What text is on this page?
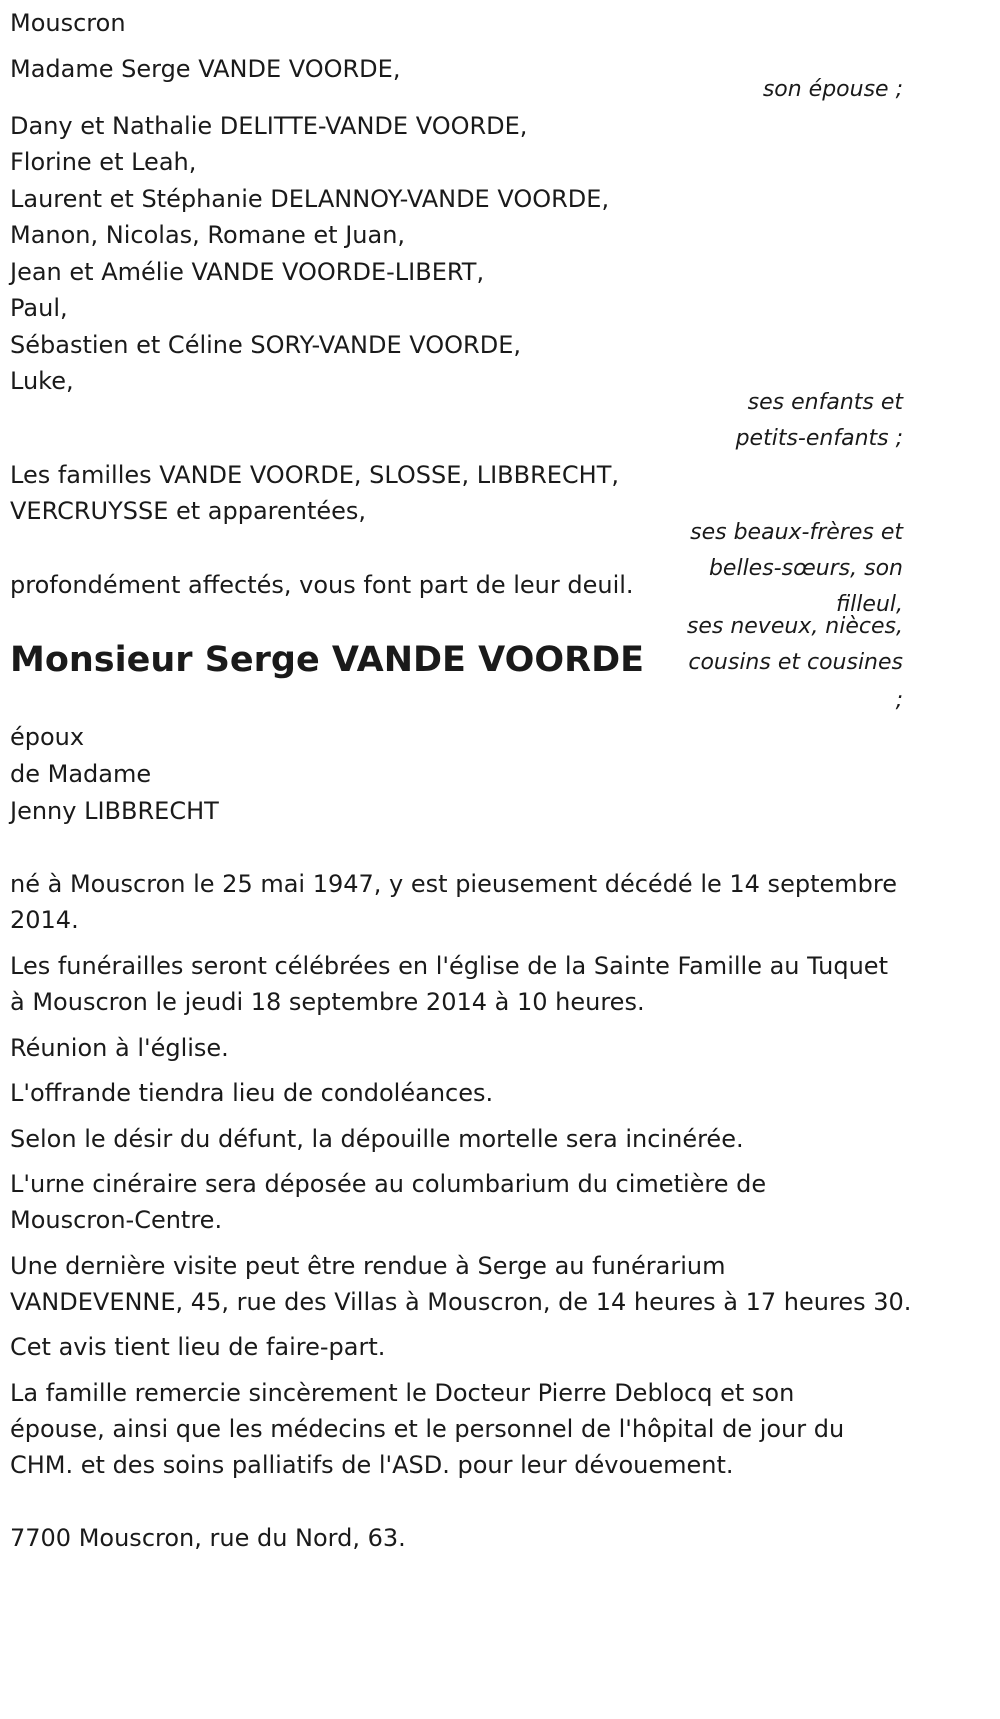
Mouscron

Madame Serge VANDE VOORDE,

son épouse ;

Dany et Nathalie DELITTE-VANDE VOORDE,

Florine et Leah,

Laurent et Stéphanie DELANNOY-VANDE VOORDE,

Manon, Nicolas, Romane et Juan,

Jean et Amélie VANDE VOORDE-LIBERT,

Paul,

Sébastien et Céline SORY-VANDE VOORDE,

Luke,

ses enfants et

petits-enfants ;

Les familles VANDE VOORDE, SLOSSE, LIBBRECHT,

VERCRUYSSE et apparentées,

ses beaux-frères et

belles-sœurs, son

filleul,

profondément affectés, vous font part de leur deuil.

ses neveux, nièces,

cousins et cousines

;

Monsieur Serge VANDE VOORDE

époux

de Madame

Jenny LIBBRECHT

né à Mouscron le 25 mai 1947, y est pieusement décédé le 14 septembre

2014.

Les funérailles seront célébrées en l'église de la Sainte Famille au Tuquet

à Mouscron le jeudi 18 septembre 2014 à 10 heures.

Réunion à l'église.

L'offrande tiendra lieu de condoléances.

Selon le désir du défunt, la dépouille mortelle sera incinérée.

L'urne cinéraire sera déposée au columbarium du cimetière de

Mouscron-Centre.

Une dernière visite peut être rendue à Serge au funérarium

VANDEVENNE, 45, rue des Villas à Mouscron, de 14 heures à 17 heures 30.

Cet avis tient lieu de faire-part.

La famille remercie sincèrement le Docteur Pierre Deblocq et son

épouse, ainsi que les médecins et le personnel de l'hôpital de jour du

CHM. et des soins palliatifs de l'ASD. pour leur dévouement.

7700 Mouscron, rue du Nord, 63.
